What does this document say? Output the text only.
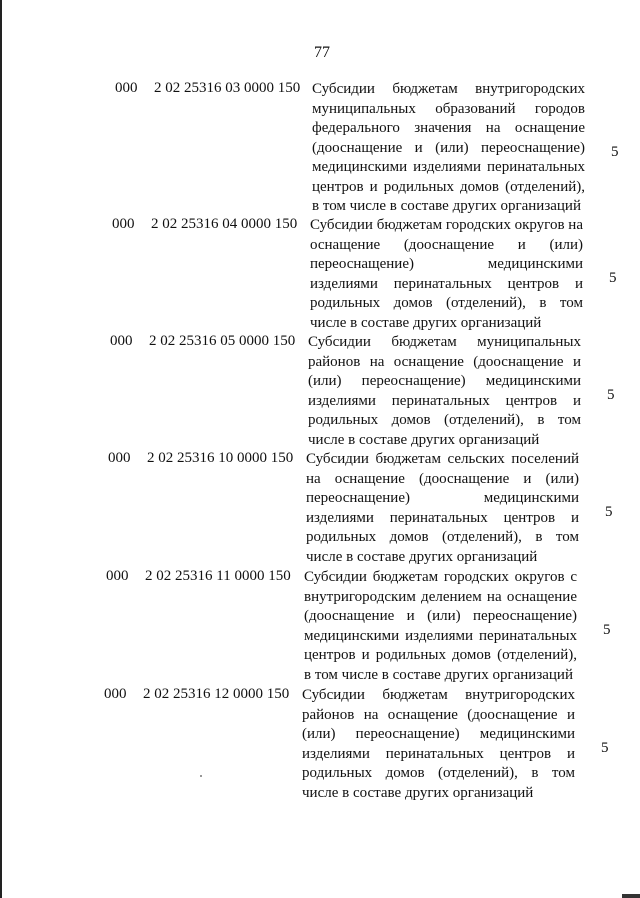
77
000 2 02 25316 03 0000 150 Субсидии бюджетам внутригородских муниципальных образований городов федерального значения на оснащение (дооснащение и (или) переоснащение) медицинскими изделиями перинатальных центров и родильных домов (отделений), в том числе в составе других организаций
5
000 2 02 25316 04 0000 150 Субсидии бюджетам городских округов на оснащение (дооснащение и (или) переоснащение) медицинскими изделиями перинатальных центров и родильных домов (отделений), в том числе в составе других организаций
5
000 2 02 25316 05 0000 150 Субсидии бюджетам муниципальных районов на оснащение (дооснащение и (или) переоснащение) медицинскими изделиями перинатальных центров и родильных домов (отделений), в том числе в составе других организаций
5
000 2 02 25316 10 0000 150 Субсидии бюджетам сельских поселений на оснащение (дооснащение и (или) переоснащение) медицинскими изделиями перинатальных центров и родильных домов (отделений), в том числе в составе других организаций
5
000 2 02 25316 11 0000 150 Субсидии бюджетам городских округов с внутригородским делением на оснащение (дооснащение и (или) переоснащение) медицинскими изделиями перинатальных центров и родильных домов (отделений), в том числе в составе других организаций
5
000 2 02 25316 12 0000 150 Субсидии бюджетам внутригородских районов на оснащение (дооснащение и (или) переоснащение) медицинскими изделиями перинатальных центров и родильных домов (отделений), в том числе в составе других организаций
5
